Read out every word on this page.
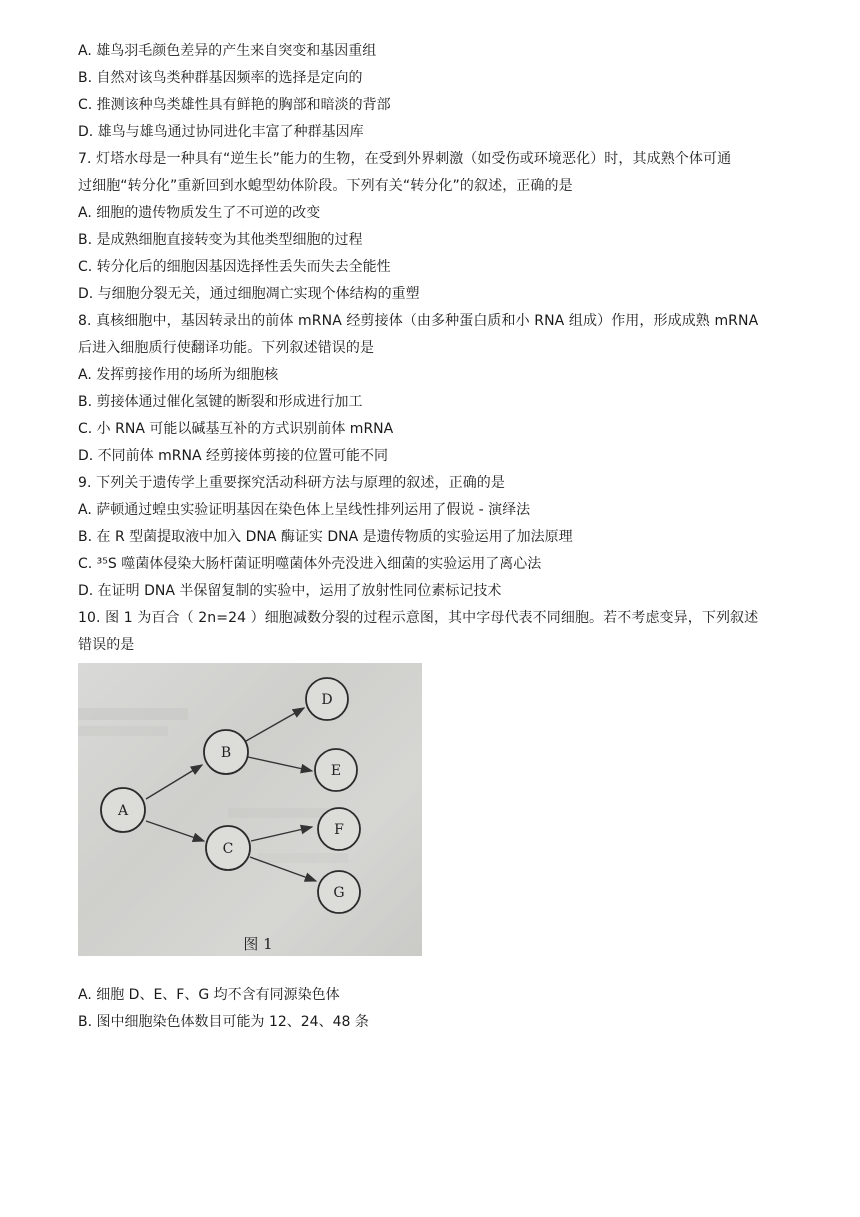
A. 雄鸟羽毛颜色差异的产生来自突变和基因重组
B. 自然对该鸟类种群基因频率的选择是定向的
C. 推测该种鸟类雄性具有鲜艳的胸部和暗淡的背部
D. 雄鸟与雄鸟通过协同进化丰富了种群基因库
7. 灯塔水母是一种具有“逆生长”能力的生物，在受到外界刺激（如受伤或环境恶化）时，其成熟个体可通
过细胞“转分化”重新回到水螅型幼体阶段。下列有关“转分化”的叙述，正确的是
A. 细胞的遗传物质发生了不可逆的改变
B. 是成熟细胞直接转变为其他类型细胞的过程
C. 转分化后的细胞因基因选择性丢失而失去全能性
D. 与细胞分裂无关，通过细胞凋亡实现个体结构的重塑
8. 真核细胞中，基因转录出的前体 mRNA 经剪接体（由多种蛋白质和小 RNA 组成）作用，形成成熟 mRNA
后进入细胞质行使翻译功能。下列叙述错误的是
A. 发挥剪接作用的场所为细胞核
B. 剪接体通过催化氢键的断裂和形成进行加工
C. 小 RNA 可能以碱基互补的方式识别前体 mRNA
D. 不同前体 mRNA 经剪接体剪接的位置可能不同
9. 下列关于遗传学上重要探究活动科研方法与原理的叙述，正确的是
A. 萨顿通过蝗虫实验证明基因在染色体上呈线性排列运用了假说 - 演绎法
B. 在 R 型菌提取液中加入 DNA 酶证实 DNA 是遗传物质的实验运用了加法原理
C. ³⁵S 噬菌体侵染大肠杆菌证明噬菌体外壳没进入细菌的实验运用了离心法
D. 在证明 DNA 半保留复制的实验中，运用了放射性同位素标记技术
10. 图 1 为百合（ 2n=24 ）细胞减数分裂的过程示意图，其中字母代表不同细胞。若不考虑变异，下列叙述
错误的是
A
B
C
D
E
F
G
图 1
A. 细胞 D、E、F、G 均不含有同源染色体
B. 图中细胞染色体数目可能为 12、24、48 条
